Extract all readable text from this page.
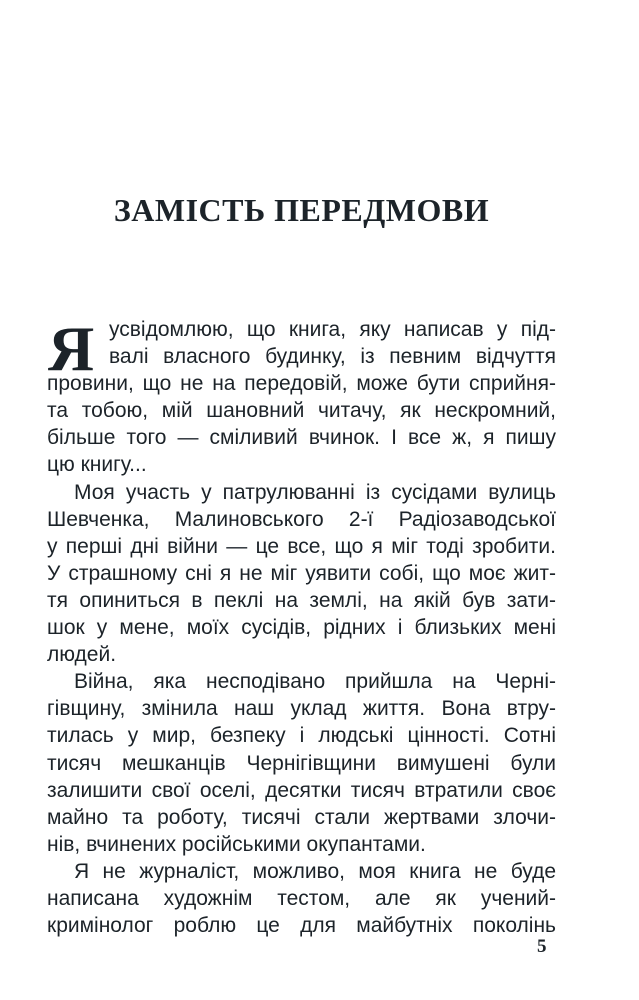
ЗАМІСТЬ ПЕРЕДМОВИ
Я усвідомлюю, що книга, яку написав у під-
валі власного будинку, із певним відчуття
провини, що не на передовій, може бути сприйня-
та тобою, мій шановний читачу, як нескромний,
більше того — сміливий вчинок. І все ж, я пишу
цю книгу...
Моя участь у патрулюванні із сусідами вулиць
Шевченка, Малиновського 2-ї Радіозаводської
у перші дні війни — це все, що я міг тоді зробити.
У страшному сні я не міг уявити собі, що моє жит-
тя опиниться в пеклі на землі, на якій був зати-
шок у мене, моїх сусідів, рідних і близьких мені
людей.
Війна, яка несподівано прийшла на Черні-
гівщину, змінила наш уклад життя. Вона втру-
тилась у мир, безпеку і людські цінності. Сотні
тисяч мешканців Чернігівщини вимушені були
залишити свої оселі, десятки тисяч втратили своє
майно та роботу, тисячі стали жертвами злочи-
нів, вчинених російськими окупантами.
Я не журналіст, можливо, моя книга не буде
написана художнім тестом, але як учений-
кримінолог роблю це для майбутніх поколінь
5
